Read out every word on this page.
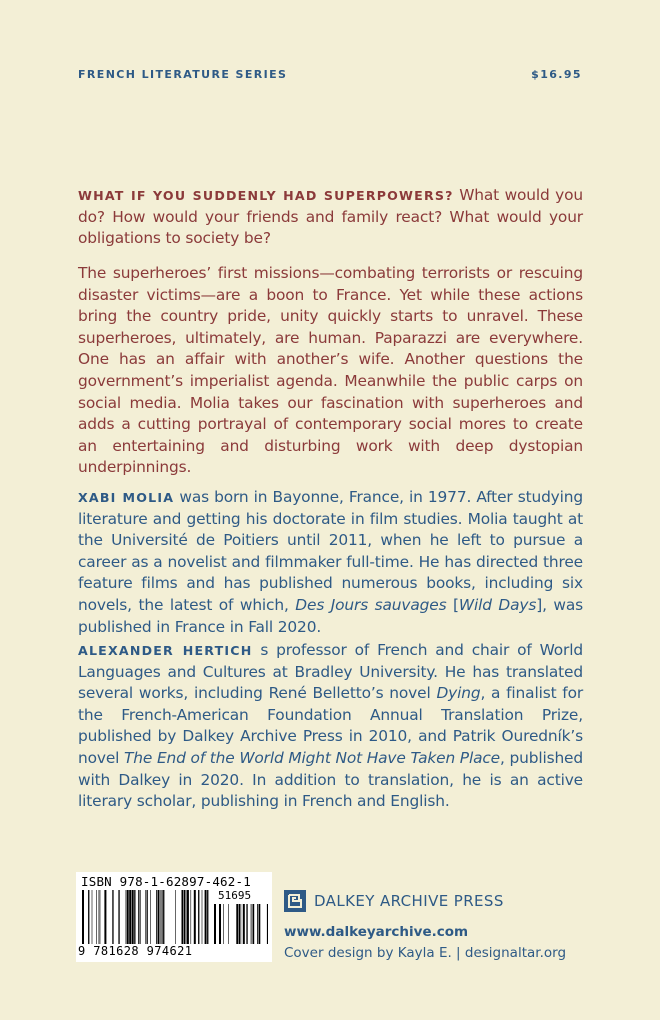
FRENCH LITERATURE SERIES	$16.95
WHAT IF YOU SUDDENLY HAD SUPERPOWERS? What would you do? How would your friends and family react? What would your obligations to society be?
The superheroes’ first missions—combating terrorists or rescuing disaster victims—are a boon to France. Yet while these actions bring the country pride, unity quickly starts to unravel. These superheroes, ultimately, are human. Paparazzi are everywhere. One has an affair with another’s wife. Another questions the government’s imperialist agenda. Meanwhile the public carps on social media. Molia takes our fascination with superheroes and adds a cutting portrayal of contemporary social mores to create an entertaining and disturbing work with deep dystopian underpinnings.
XABI MOLIA was born in Bayonne, France, in 1977. After studying literature and getting his doctorate in film studies. Molia taught at the Université de Poitiers until 2011, when he left to pursue a career as a novelist and filmmaker full-time. He has directed three feature films and has published numerous books, including six novels, the latest of which, Des Jours sauvages [Wild Days], was published in France in Fall 2020.
ALEXANDER HERTICH s professor of French and chair of World Languages and Cultures at Bradley University. He has translated several works, including René Belletto’s novel Dying, a finalist for the French-American Foundation Annual Translation Prize, published by Dalkey Archive Press in 2010, and Patrik Ouredník’s novel The End of the World Might Not Have Taken Place, published with Dalkey in 2020. In addition to translation, he is an active literary scholar, publishing in French and English.
ISBN 978-1-62897-462-1
51695
9 781628 974621
DALKEY ARCHIVE PRESS
www.dalkeyarchive.com
Cover design by Kayla E. | designaltar.org
